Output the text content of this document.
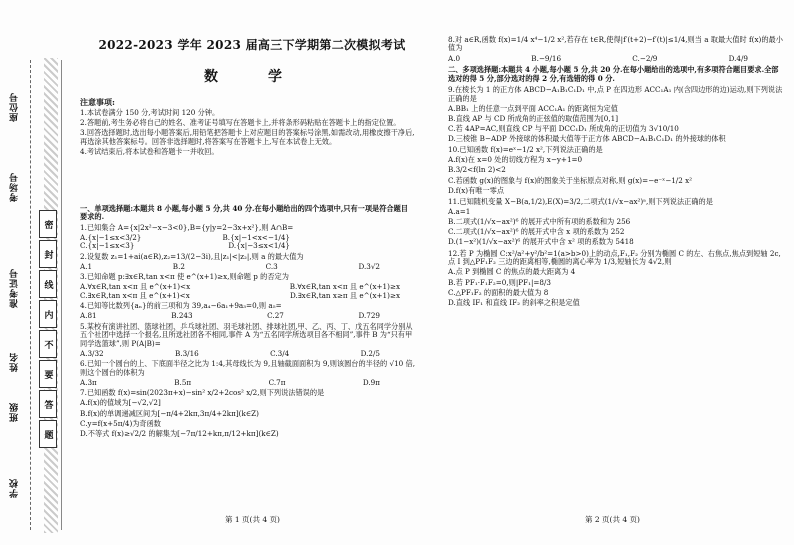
座位号
考场号
准考证号
姓名
班级
学校
密
封
线
内
不
要
答
题
2022-2023 学年 2023 届高三下学期第二次模拟考试
数　学

注意事项:

1.本试卷满分 150 分,考试时间 120 分钟。

2.答题前,考生务必将自己的姓名、准考证号填写在答题卡上,并将条形码粘贴在答题卡上的指定位置。

3.回答选择题时,选出每小题答案后,用铅笔把答题卡上对应题目的答案标号涂黑,如需改动,用橡皮擦干净后,再选涂其他答案标号。回答非选择题时,将答案写在答题卡上,写在本试卷上无效。

4.考试结束后,将本试卷和答题卡一并收回。

一、单项选择题:本题共 8 小题,每小题 5 分,共 40 分.在每小题给出的四个选项中,只有一项是符合题目要求的.

1.已知集合 A={x|2x²−x−3<0},B={y|y=2−3x+x²},则 A∩B=

A.{x|−1≤x<3/2}	B.{x|−1<x<−1/4}
C.{x|−1≤x<3}	D.{x|−3≤x<1/4}

2.设复数 z₁=1+ai(a∈R),z₂=13/(2−3i),且|z₁|<|z₂|,则 a 的最大值为

A.1	B.2	C.3	D.3√2

3.已知命题 p:∃x∈R,tan x<π 使 e^(x+1)≥x,则命题 p 的否定为

A.∀x∈R,tan x<π 且 e^(x+1)<x	B.∀x∈R,tan x<π 且 e^(x+1)≥x
C.∃x∈R,tan x<π 且 e^(x+1)<x	D.∃x∈R,tan x≥π 且 e^(x+1)≥x

4.已知等比数列{aₙ}的前三项和为 39,a₄−6a₁+9a₃=0,则 a₅=

A.81	B.243	C.27	D.729

5.某校有演讲社团、篮球社团、乒乓球社团、羽毛球社团、排球社团,甲、乙、丙、丁、戊五名同学分别从五个社团中选择一个报名,且所选社团各不相同,事件 A 为“五名同学所选项目各不相同”,事件 B 为“只有甲同学选篮球”,则 P(A|B)=

A.3/32	B.3/16	C.3/4	D.2/5

6.已知一个圆台的上、下底面半径之比为 1:4,其母线长为 9,且轴截面面积为 9,则该圆台的半径的 √10 倍,则这个圆台的体积为

A.3π	B.5π	C.7π	D.9π

7.已知函数 f(x)=sin(2023π+x)−sin² x/2+2cos² x/2,则下列说法错误的是

A.f(x)的值域为[−√2,√2]

B.f(x)的单调递减区间为[−π/4+2kπ,3π/4+2kπ](k∈Z)

C.y=f(x+5π/4)为奇函数

D.不等式 f(x)≥√2/2 的解集为[−7π/12+kπ,π/12+kπ](k∈Z)

8.对 a∈R,函数 f(x)=1/4 x⁴−1/2 x²,若存在 t∈R,使得|f′(t+2)−f′(t)|≤1/4,则当 a 取最大值时 f(x)的最小值为

A.0	B.−9/16	C.−2/9	D.4/9

二、多项选择题:本题共 4 小题,每小题 5 分,共 20 分.在每小题给出的选项中,有多项符合题目要求.全部选对的得 5 分,部分选对的得 2 分,有选错的得 0 分.

9.在棱长为 1 的正方体 ABCD−A₁B₁C₁D₁ 中,点 P 在四边形 ACC₁A₁ 内(含四边形的边)运动,则下列说法正确的是

A.BB₁ 上的任意一点到平面 ACC₁A₁ 的距离恒为定值

B.直线 AP 与 CD 所成角的正弦值的取值范围为[0,1]

C.若 4AP=AC,则直线 CP 与平面 DCC₁D₁ 所成角的正切值为 3√10/10

D.三棱锥 B−ADP 外接球的体积最大值等于正方体 ABCD−A₁B₁C₁D₁ 的外接球的体积

10.已知函数 f(x)=eˣ−1/2 x²,下列说法正确的是

A.f(x)在 x=0 处的切线方程为 x−y+1=0

B.3/2<f(ln 2)<2

C.若函数 g(x)的图象与 f(x)的图象关于坐标原点对称,则 g(x)=−e⁻ˣ−1/2 x²

D.f(x)有唯一零点

11.已知随机变量 X−B(a,1/2),E(X)=3/2,二项式(1/√x−ax²)ᵃ,则下列说法正确的是

A.a=1

B.二项式(1/√x−ax²)⁶ 的展开式中所有项的系数和为 256

C.二项式(1/√x−ax²)⁶ 的展开式中含 x 项的系数为 252

D.(1−x²)(1/√x−ax²)⁶ 的展开式中含 x² 项的系数为 5418

12.若 P 为椭圆 C:x²/a²+y²/b²=1(a>b>0)上的动点,F₁,F₂ 分别为椭圆 C 的左、右焦点,焦点到短轴 2c,点 I 到△PF₁F₂ 三边的距离相等,椭圆的离心率为 1/3,短轴长为 4√2,则

A.点 P 到椭圆 C 的焦点的最大距离为 4

B.若 PF₁·F₁F₂=0,则|PF₁|=8/3

C.△PF₁F₂ 的面积的最大值为 8

D.直线 IF₁ 和直线 IF₂ 的斜率之积是定值

第 1 页(共 4 页)	第 2 页(共 4 页)
